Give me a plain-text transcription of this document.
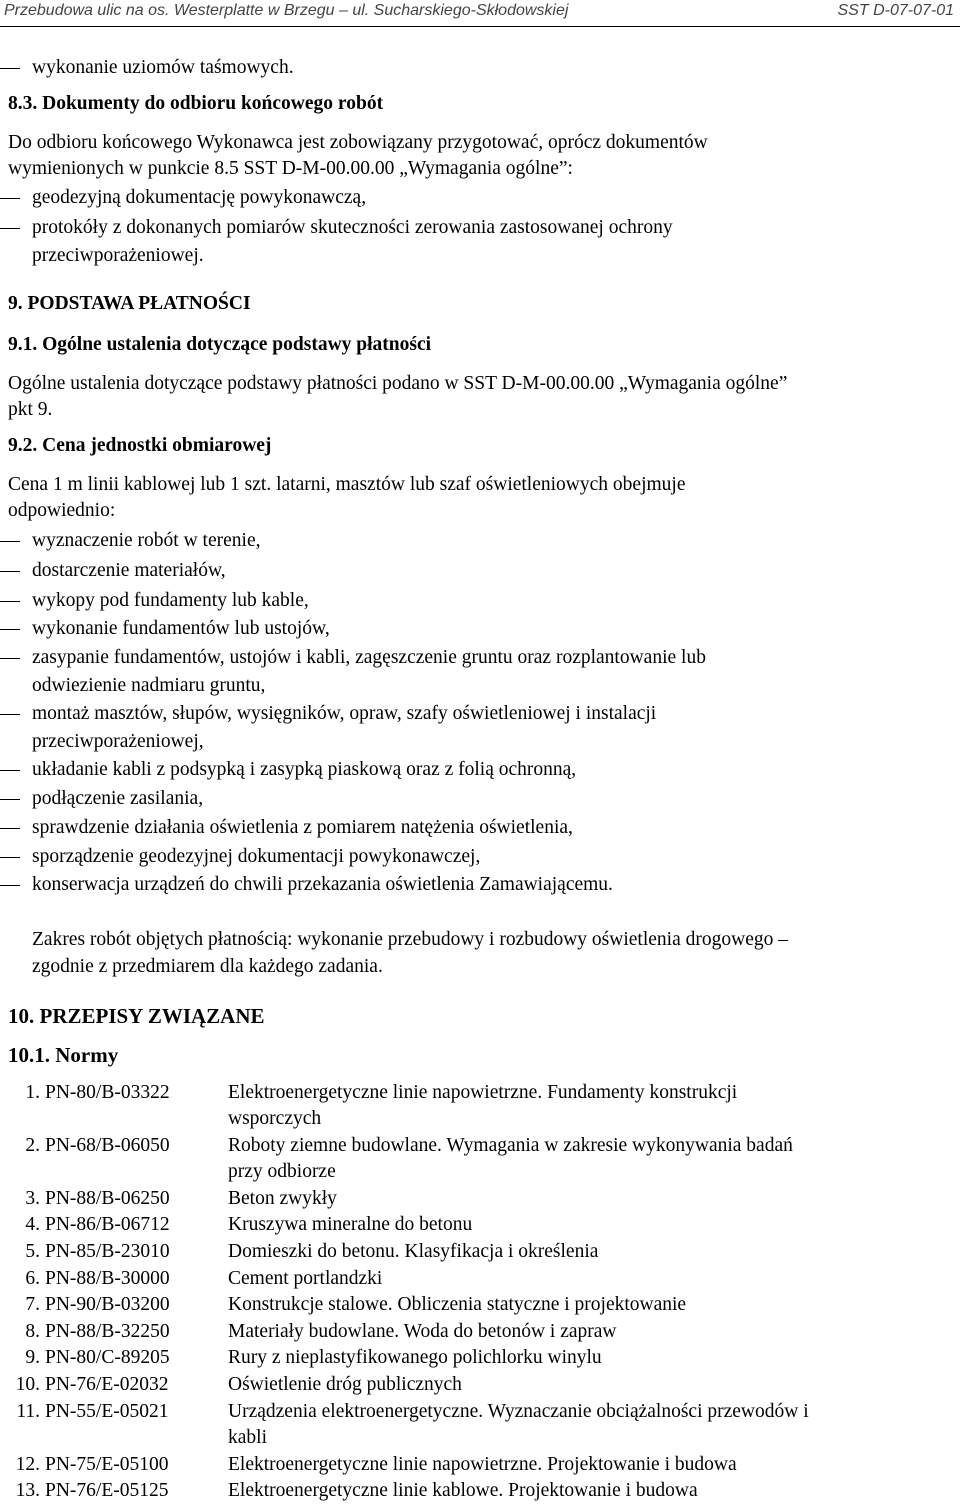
Przebudowa ulic na os. Westerplatte w Brzegu – ul. Sucharskiego-Skłodowskiej	SST D-07-07-01
wykonanie uziomów taśmowych.
8.3. Dokumenty do odbioru końcowego robót
Do odbioru końcowego Wykonawca jest zobowiązany przygotować, oprócz dokumentów
wymienionych w punkcie 8.5 SST D-M-00.00.00 „Wymagania ogólne”:
geodezyjną dokumentację powykonawczą,
protokóły z dokonanych pomiarów skuteczności zerowania zastosowanej ochrony
przeciwporażeniowej.
9. PODSTAWA PŁATNOŚCI
9.1. Ogólne ustalenia dotyczące podstawy płatności
Ogólne ustalenia dotyczące podstawy płatności podano w SST D-M-00.00.00 „Wymagania ogólne”
pkt 9.
9.2. Cena jednostki obmiarowej
Cena 1 m linii kablowej lub 1 szt. latarni, masztów lub szaf oświetleniowych obejmuje
odpowiednio:
wyznaczenie robót w terenie,
dostarczenie materiałów,
wykopy pod fundamenty lub kable,
wykonanie fundamentów lub ustojów,
zasypanie fundamentów, ustojów i kabli, zagęszczenie gruntu oraz rozplantowanie lub
odwiezienie nadmiaru gruntu,
montaż masztów, słupów, wysięgników, opraw, szafy oświetleniowej i instalacji
przeciwporażeniowej,
układanie kabli z podsypką i zasypką piaskową oraz z folią ochronną,
podłączenie zasilania,
sprawdzenie działania oświetlenia z pomiarem natężenia oświetlenia,
sporządzenie geodezyjnej dokumentacji powykonawczej,
konserwacja urządzeń do chwili przekazania oświetlenia Zamawiającemu.
Zakres robót objętych płatnością: wykonanie przebudowy i rozbudowy oświetlenia drogowego –
zgodnie z przedmiarem dla każdego zadania.
10. PRZEPISY ZWIĄZANE
10.1. Normy
1. PN-80/B-03322	Elektroenergetyczne linie napowietrzne. Fundamenty konstrukcji
wsporczych
2. PN-68/B-06050	Roboty ziemne budowlane. Wymagania w zakresie wykonywania badań
przy odbiorze
3. PN-88/B-06250	Beton zwykły
4. PN-86/B-06712	Kruszywa mineralne do betonu
5. PN-85/B-23010	Domieszki do betonu. Klasyfikacja i określenia
6. PN-88/B-30000	Cement portlandzki
7. PN-90/B-03200	Konstrukcje stalowe. Obliczenia statyczne i projektowanie
8. PN-88/B-32250	Materiały budowlane. Woda do betonów i zapraw
9. PN-80/C-89205	Rury z nieplastyfikowanego polichlorku winylu
10. PN-76/E-02032	Oświetlenie dróg publicznych
11. PN-55/E-05021	Urządzenia elektroenergetyczne. Wyznaczanie obciążalności przewodów i
kabli
12. PN-75/E-05100	Elektroenergetyczne linie napowietrzne. Projektowanie i budowa
13. PN-76/E-05125	Elektroenergetyczne linie kablowe. Projektowanie i budowa
